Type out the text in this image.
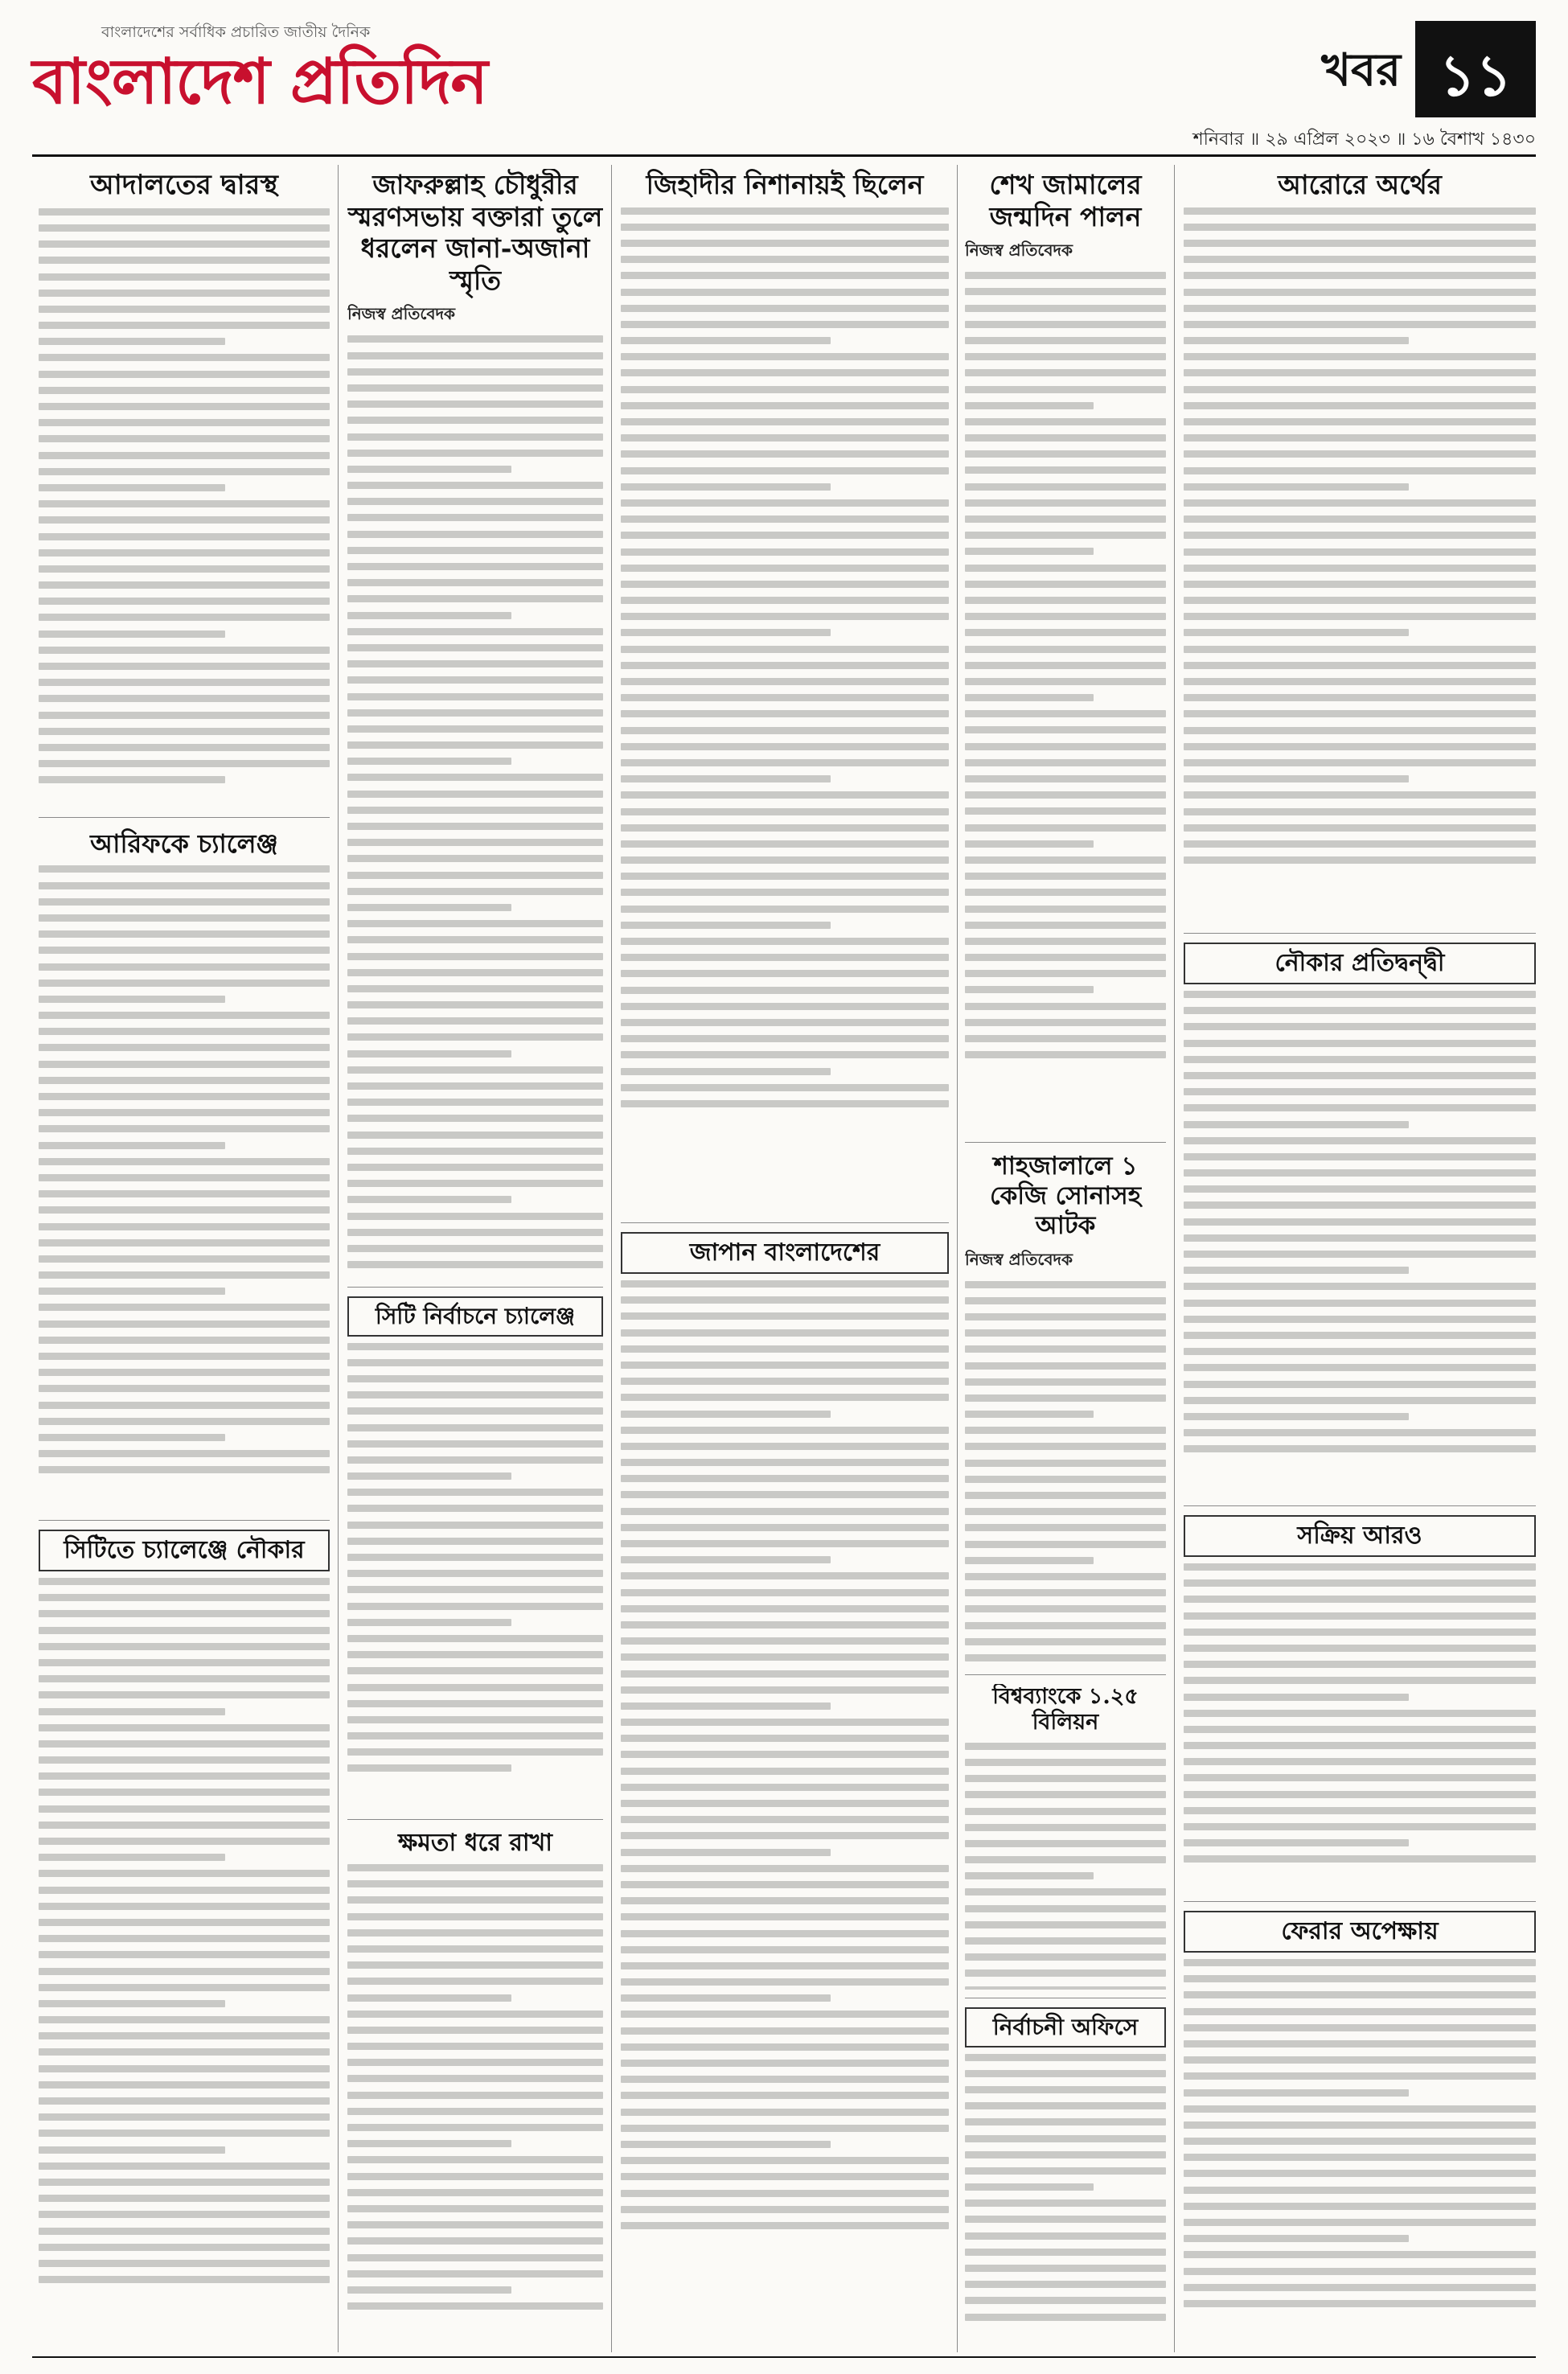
বাংলাদেশের সর্বাধিক প্রচারিত জাতীয় দৈনিক
বাংলাদেশ প্রতিদিন	খবর ১১
শনিবার ॥ ২৯ এপ্রিল ২০২৩ ॥ ১৬ বৈশাখ ১৪৩০
আদালতের দ্বারস্থ
আরিফকে চ্যালেঞ্জ
সিটিতে চ্যালেঞ্জে নৌকার
জাফরুল্লাহ চৌধুরীর স্মরণসভায় বক্তারা তুলে ধরলেন জানা-অজানা স্মৃতি
নিজস্ব প্রতিবেদক
সিটি নির্বাচনে চ্যালেঞ্জ
ক্ষমতা ধরে রাখা
জিহাদীর নিশানায়ই ছিলেন
জাপান বাংলাদেশের
শেখ জামালের জন্মদিন পালন
নিজস্ব প্রতিবেদক
শাহজালালে ১ কেজি সোনাসহ আটক
নিজস্ব প্রতিবেদক
বিশ্বব্যাংকে ১.২৫ বিলিয়ন
নির্বাচনী অফিসে
আরোরে অর্থের
নৌকার প্রতিদ্বন্দ্বী
সক্রিয় আরও
ফেরার অপেক্ষায়
